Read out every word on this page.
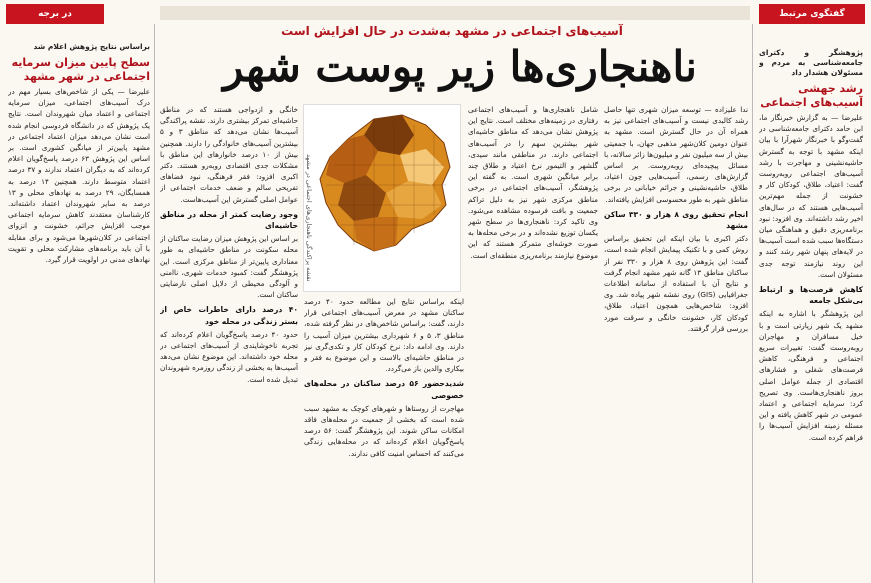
گفتگوی مرتبط
در برجه
پژوهشگر و دکترای جامعه‌شناسی به مردم و مسئولان هشدار داد
رشد جهشی آسیب‌های اجتماعی

علیرضا — به گزارش خبرنگار ما، ابن حامد دکترای جامعه‌شناسی در گفت‌وگو با خبرنگار شهرآرا با بیان اینکه مشهد با توجه به گسترش حاشیه‌نشینی و مهاجرت با رشد آسیب‌های اجتماعی روبه‌روست گفت: اعتیاد، طلاق، کودکان کار و خشونت از جمله مهم‌ترین آسیب‌هایی هستند که در سال‌های اخیر رشد داشته‌اند. وی افزود: نبود برنامه‌ریزی دقیق و هماهنگی میان دستگاه‌ها سبب شده است آسیب‌ها در لایه‌های پنهان شهر رشد کنند و این روند نیازمند توجه جدی مسئولان است.

کاهش فرصت‌ها و ارتباط بی‌شکل جامعه

این پژوهشگر با اشاره به اینکه مشهد یک شهر زیارتی است و با خیل مسافران و مهاجران روبه‌روست گفت: تغییرات سریع اجتماعی و فرهنگی، کاهش فرصت‌های شغلی و فشارهای اقتصادی از جمله عوامل اصلی بروز ناهنجاری‌هاست. وی تصریح کرد: سرمایه اجتماعی و اعتماد عمومی در شهر کاهش یافته و این مسئله زمینه افزایش آسیب‌ها را فراهم کرده است.

براساس نتایج پژوهش اعلام شد
سطح پایین میزان سرمایه اجتماعی در شهر مشهد

علیرضا — یکی از شاخص‌های بسیار مهم در درک آسیب‌های اجتماعی، میزان سرمایه اجتماعی و اعتماد میان شهروندان است. نتایج یک پژوهش که در دانشگاه فردوسی انجام شده است نشان می‌دهد میزان اعتماد اجتماعی در مشهد پایین‌تر از میانگین کشوری است. بر اساس این پژوهش ۶۳ درصد پاسخ‌گویان اعلام کرده‌اند که به دیگران اعتماد ندارند و ۳۷ درصد اعتماد متوسط دارند. همچنین ۱۴ درصد به همسایگان، ۲۹ درصد به نهادهای محلی و ۱۳ درصد به سایر شهروندان اعتماد داشته‌اند. کارشناسان معتقدند کاهش سرمایه اجتماعی موجب افزایش جرائم، خشونت و انزوای اجتماعی در کلان‌شهرها می‌شود و برای مقابله با آن باید برنامه‌های مشارکت محلی و تقویت نهادهای مدنی در اولویت قرار گیرد.

آسیب‌های اجتماعی در مشهد به‌شدت در حال افزایش است
ناهنجاری‌ها زیر پوست شهر

ندا علیزاده — توسعه میزان شهری تنها حاصل رشد کالبدی نیست و آسیب‌های اجتماعی نیز به همراه آن در حال گسترش است. مشهد به عنوان دومین کلان‌شهر مذهبی جهان، با جمعیتی بیش از سه میلیون نفر و میلیون‌ها زائر سالانه، با مسائل پیچیده‌ای روبه‌روست. بر اساس گزارش‌های رسمی، آسیب‌هایی چون اعتیاد، طلاق، حاشیه‌نشینی و جرائم خیابانی در برخی مناطق شهر به طور محسوسی افزایش یافته‌اند.

انجام تحقیق روی ۸ هزار و ۳۳۰ ساکن مشهد

دکتر اکبری با بیان اینکه این تحقیق براساس روش کمی و با تکنیک پیمایش انجام شده است، گفت: این پژوهش روی ۸ هزار و ۳۳۰ نفر از ساکنان مناطق ۱۳ گانه شهر مشهد انجام گرفت و نتایج آن با استفاده از سامانه اطلاعات جغرافیایی (GIS) روی نقشه شهر پیاده شد. وی افزود: شاخص‌هایی همچون اعتیاد، طلاق، کودکان کار، خشونت خانگی و سرقت مورد بررسی قرار گرفتند.

شامل ناهنجاری‌ها و آسیب‌های اجتماعی رفتاری در زمینه‌های مختلف است. نتایج این پژوهش نشان می‌دهد که مناطق حاشیه‌ای شهر بیشترین سهم را در آسیب‌های اجتماعی دارند. در مناطقی مانند سیدی، گلشهر و التیمور نرخ اعتیاد و طلاق چند برابر میانگین شهری است. به گفته این پژوهشگر، آسیب‌های اجتماعی در برخی مناطق مرکزی شهر نیز به دلیل تراکم جمعیت و بافت فرسوده مشاهده می‌شود. وی تاکید کرد: ناهنجاری‌ها در سطح شهر یکسان توزیع نشده‌اند و در برخی محله‌ها به صورت خوشه‌ای متمرکز هستند که این موضوع نیازمند برنامه‌ریزی منطقه‌ای است.

اینکه براساس نتایج این مطالعه حدود ۴۰ درصد ساکنان مشهد در معرض آسیب‌های اجتماعی قرار دارند، گفت: براساس شاخص‌های در نظر گرفته شده، مناطق ۳، ۵ و ۶ شهرداری بیشترین میزان آسیب را دارند. وی ادامه داد: نرخ کودکان کار و تکدی‌گری نیز در مناطق حاشیه‌ای بالاست و این موضوع به فقر و بیکاری والدین باز می‌گردد.

شدیدحضور ۵۶ درصد ساکنان در محله‌های خصوصی

مهاجرت از روستاها و شهرهای کوچک به مشهد سبب شده است که بخشی از جمعیت در محله‌های فاقد امکانات ساکن شوند. این پژوهشگر گفت: ۵۶ درصد پاسخ‌گویان اعلام کرده‌اند که در محله‌هایی زندگی می‌کنند که احساس امنیت کافی ندارند.

خانگی و ازدواجی هستند که در مناطق حاشیه‌ای تمرکز بیشتری دارند. نقشه پراکندگی آسیب‌ها نشان می‌دهد که مناطق ۳ و ۵ بیشترین آسیب‌های خانوادگی را دارند. همچنین بیش از ۱۰ درصد خانوارهای این مناطق با مشکلات جدی اقتصادی روبه‌رو هستند. دکتر اکبری افزود: فقر فرهنگی، نبود فضاهای تفریحی سالم و ضعف خدمات اجتماعی از عوامل اصلی گسترش این آسیب‌هاست.

وجود رضایت کمتر از محله در مناطق حاشیه‌ای

بر اساس این پژوهش میزان رضایت ساکنان از محله سکونت در مناطق حاشیه‌ای به طور معناداری پایین‌تر از مناطق مرکزی است. این پژوهشگر گفت: کمبود خدمات شهری، ناامنی و آلودگی محیطی از دلایل اصلی نارضایتی ساکنان است.

۴۰ درصد دارای خاطرات خاص از بستر زندگی در محله خود

حدود ۴۰ درصد پاسخ‌گویان اعلام کرده‌اند که تجربه ناخوشایندی از آسیب‌های اجتماعی در محله خود داشته‌اند. این موضوع نشان می‌دهد آسیب‌ها به بخشی از زندگی روزمره شهروندان تبدیل شده است.

نقشه پراکندگی ناهنجاری‌های اجتماعی در مشهد
